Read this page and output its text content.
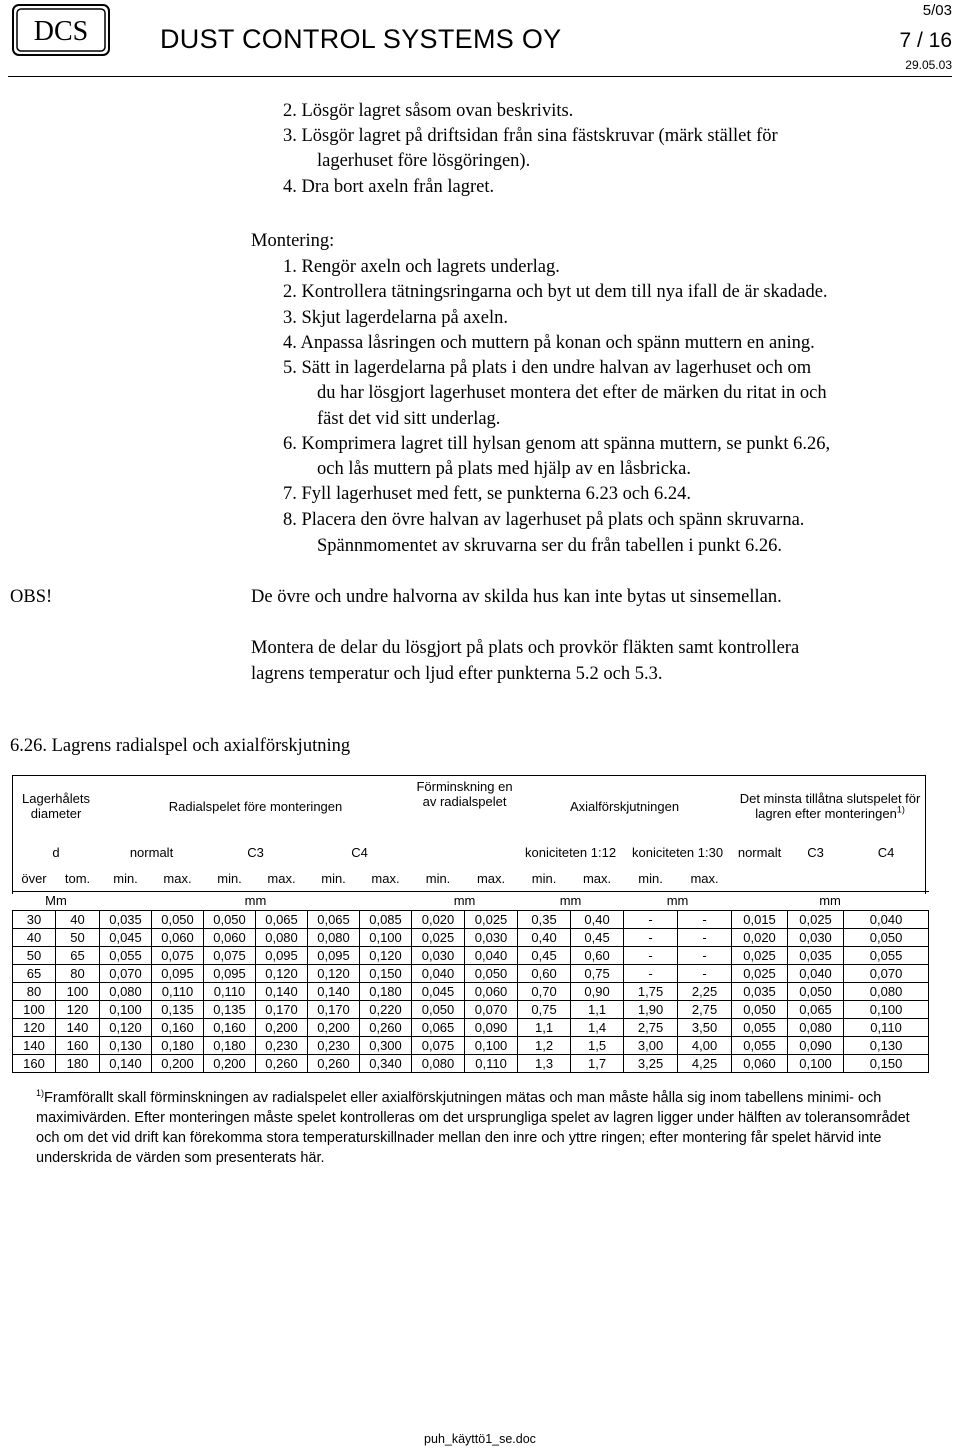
DCS	DUST CONTROL SYSTEMS OY
5/03
7 / 16
29.05.03
2. Lösgör lagret såsom ovan beskrivits.
3. Lösgör lagret på driftsidan från sina fästskruvar (märk stället för
lagerhuset före lösgöringen).
4. Dra bort axeln från lagret.
Montering:
1. Rengör axeln och lagrets underlag.
2. Kontrollera tätningsringarna och byt ut dem till nya ifall de är skadade.
3. Skjut lagerdelarna på axeln.
4. Anpassa låsringen och muttern på konan och spänn muttern en aning.
5. Sätt in lagerdelarna på plats i den undre halvan av lagerhuset och om
du har lösgjort lagerhuset montera det efter de märken du ritat in och
fäst det vid sitt underlag.
6. Komprimera lagret till hylsan genom att spänna muttern, se punkt 6.26,
och lås muttern på plats med hjälp av en låsbricka.
7. Fyll lagerhuset med fett, se punkterna 6.23 och 6.24.
8. Placera den övre halvan av lagerhuset på plats och spänn skruvarna.
Spännmomentet av skruvarna ser du från tabellen i punkt 6.26.
OBS!	De övre och undre halvorna av skilda hus kan inte bytas ut sinsemellan.
Montera de delar du lösgjort på plats och provkör fläkten samt kontrollera
lagrens temperatur och ljud efter punkterna 5.2 och 5.3.
6.26. Lagrens radialspel och axialförskjutning
Lagerhålets diameter		Radialspelet före monteringen						Förminskning en av radialspelet		Axialförskjutningen				Det minsta tillåtna slutspelet för lagren efter monteringen$^{1)}$
d		normalt		C3		C4				koniciteten 1:12		koniciteten 1:30		normalt	C3	C4
över	tom.	min.	max.	min.	max.	min.	max.	min.	max.	min.	max.	min.	max.			
Mm		mm						mm		mm		mm		mm		
30	40	0,035	0,050	0,050	0,065	0,065	0,085	0,020	0,025	0,35	0,40	-	-	0,015	0,025	0,040
40	50	0,045	0,060	0,060	0,080	0,080	0,100	0,025	0,030	0,40	0,45	-	-	0,020	0,030	0,050
50	65	0,055	0,075	0,075	0,095	0,095	0,120	0,030	0,040	0,45	0,60	-	-	0,025	0,035	0,055
65	80	0,070	0,095	0,095	0,120	0,120	0,150	0,040	0,050	0,60	0,75	-	-	0,025	0,040	0,070
80	100	0,080	0,110	0,110	0,140	0,140	0,180	0,045	0,060	0,70	0,90	1,75	2,25	0,035	0,050	0,080
100	120	0,100	0,135	0,135	0,170	0,170	0,220	0,050	0,070	0,75	1,1	1,90	2,75	0,050	0,065	0,100
120	140	0,120	0,160	0,160	0,200	0,200	0,260	0,065	0,090	1,1	1,4	2,75	3,50	0,055	0,080	0,110
140	160	0,130	0,180	0,180	0,230	0,230	0,300	0,075	0,100	1,2	1,5	3,00	4,00	0,055	0,090	0,130
160	180	0,140	0,200	0,200	0,260	0,260	0,340	0,080	0,110	1,3	1,7	3,25	4,25	0,060	0,100	0,150
$^{1)}$Framförallt skall förminskningen av radialspelet eller axialförskjutningen mätas och man måste hålla sig inom tabellens minimi- och maximivärden. Efter monteringen måste spelet kontrolleras om det ursprungliga spelet av lagren ligger under hälften av toleransområdet och om det vid drift kan förekomma stora temperaturskillnader mellan den inre och yttre ringen; efter montering får spelet härvid inte underskrida de värden som presenterats här.
puh_käyttö1_se.doc
